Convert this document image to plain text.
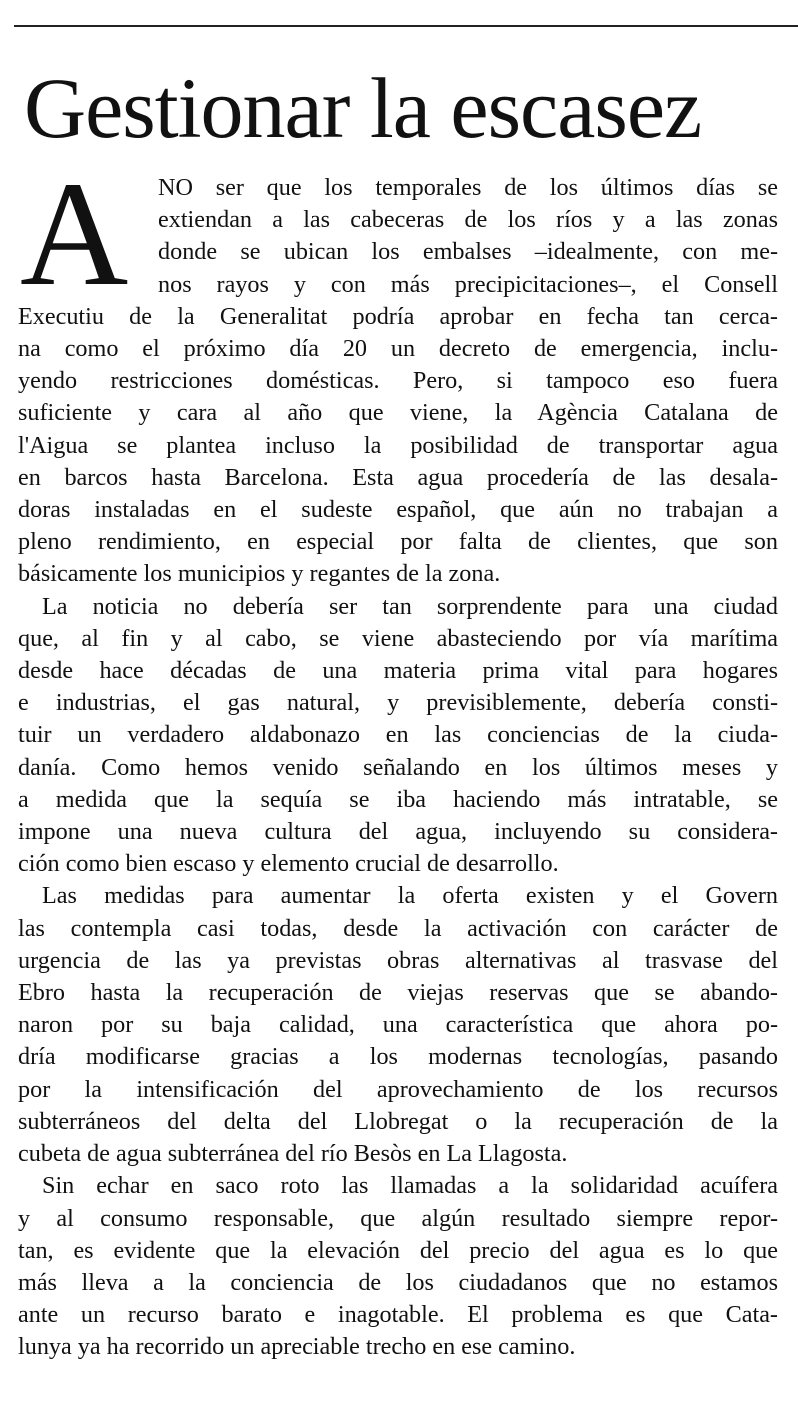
Gestionar la escasez
A	NO ser que los temporales de los últimos días se
extiendan a las cabeceras de los ríos y a las zonas
donde se ubican los embalses –idealmente, con me-
nos rayos y con más precipicitaciones–, el Consell
Executiu de la Generalitat podría aprobar en fecha tan cerca-
na como el próximo día 20 un decreto de emergencia, inclu-
yendo restricciones domésticas. Pero, si tampoco eso fuera
suficiente y cara al año que viene, la Agència Catalana de
l'Aigua se plantea incluso la posibilidad de transportar agua
en barcos hasta Barcelona. Esta agua procedería de las desala-
doras instaladas en el sudeste español, que aún no trabajan a
pleno rendimiento, en especial por falta de clientes, que son
básicamente los municipios y regantes de la zona.

La noticia no debería ser tan sorprendente para una ciudad
que, al fin y al cabo, se viene abasteciendo por vía marítima
desde hace décadas de una materia prima vital para hogares
e industrias, el gas natural, y previsiblemente, debería consti-
tuir un verdadero aldabonazo en las conciencias de la ciuda-
danía. Como hemos venido señalando en los últimos meses y
a medida que la sequía se iba haciendo más intratable, se
impone una nueva cultura del agua, incluyendo su considera-
ción como bien escaso y elemento crucial de desarrollo.

Las medidas para aumentar la oferta existen y el Govern
las contempla casi todas, desde la activación con carácter de
urgencia de las ya previstas obras alternativas al trasvase del
Ebro hasta la recuperación de viejas reservas que se abando-
naron por su baja calidad, una característica que ahora po-
dría modificarse gracias a los modernas tecnologías, pasando
por la intensificación del aprovechamiento de los recursos
subterráneos del delta del Llobregat o la recuperación de la
cubeta de agua subterránea del río Besòs en La Llagosta.

Sin echar en saco roto las llamadas a la solidaridad acuífera
y al consumo responsable, que algún resultado siempre repor-
tan, es evidente que la elevación del precio del agua es lo que
más lleva a la conciencia de los ciudadanos que no estamos
ante un recurso barato e inagotable. El problema es que Cata-
lunya ya ha recorrido un apreciable trecho en ese camino.
